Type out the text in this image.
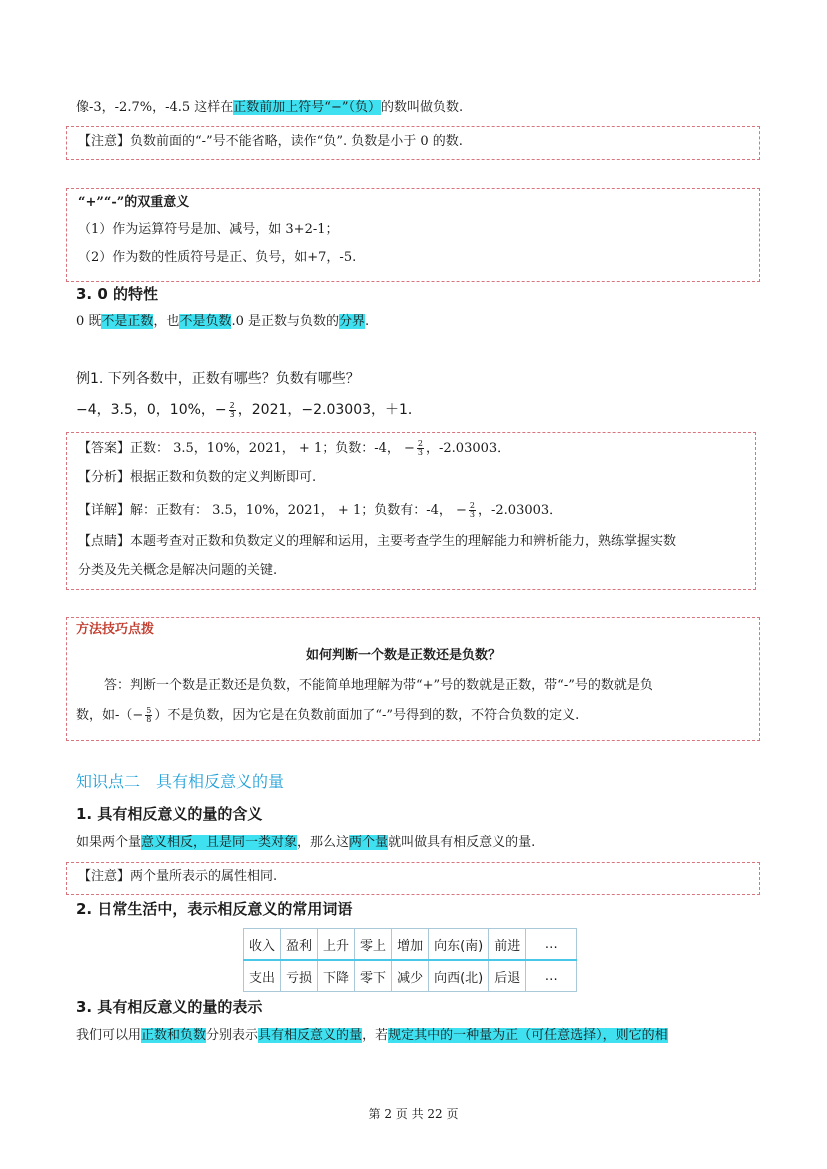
像-3，-2.7%，-4.5 这样在正数前加上符号“−”（负）的数叫做负数.
【注意】负数前面的“-”号不能省略，读作“负”. 负数是小于 0 的数.
“+”“-”的双重意义
（1）作为运算符号是加、减号，如 3+2-1；
（2）作为数的性质符号是正、负号，如+7，-5.
3. 0 的特性
0 既不是正数，也不是负数.0 是正数与负数的分界.
例1. 下列各数中，正数有哪些？负数有哪些？
−4，3.5，0，10%，− $\frac{2}{3}$ ，2021，−2.03003，＋1．
【答案】正数： 3.5，10%，2021， + 1；负数：-4， − $\frac{2}{3}$ ，-2.03003．
【分析】根据正数和负数的定义判断即可.
【详解】解：正数有： 3.5，10%，2021， + 1；负数有：-4， − $\frac{2}{3}$ ，-2.03003．
【点睛】本题考查对正数和负数定义的理解和运用，主要考查学生的理解能力和辨析能力，熟练掌握实数
分类及先关概念是解决问题的关键.
方法技巧点拨
如何判断一个数是正数还是负数？
答：判断一个数是正数还是负数，不能简单地理解为带“+”号的数就是正数，带“-”号的数就是负
数，如-（− $\frac{5}{8}$ ）不是负数，因为它是在负数前面加了“-”号得到的数，不符合负数的定义.
知识点二　具有相反意义的量
1. 具有相反意义的量的含义
如果两个量意义相反，且是同一类对象，那么这两个量就叫做具有相反意义的量.
【注意】两个量所表示的属性相同.
2. 日常生活中，表示相反意义的常用词语
收入	盈利	上升	零上	增加	向东(南)	前进	…
支出	亏损	下降	零下	减少	向西(北)	后退	…
3. 具有相反意义的量的表示
我们可以用正数和负数分别表示具有相反意义的量，若规定其中的一种量为正（可任意选择），则它的相
第 2 页 共 22 页
